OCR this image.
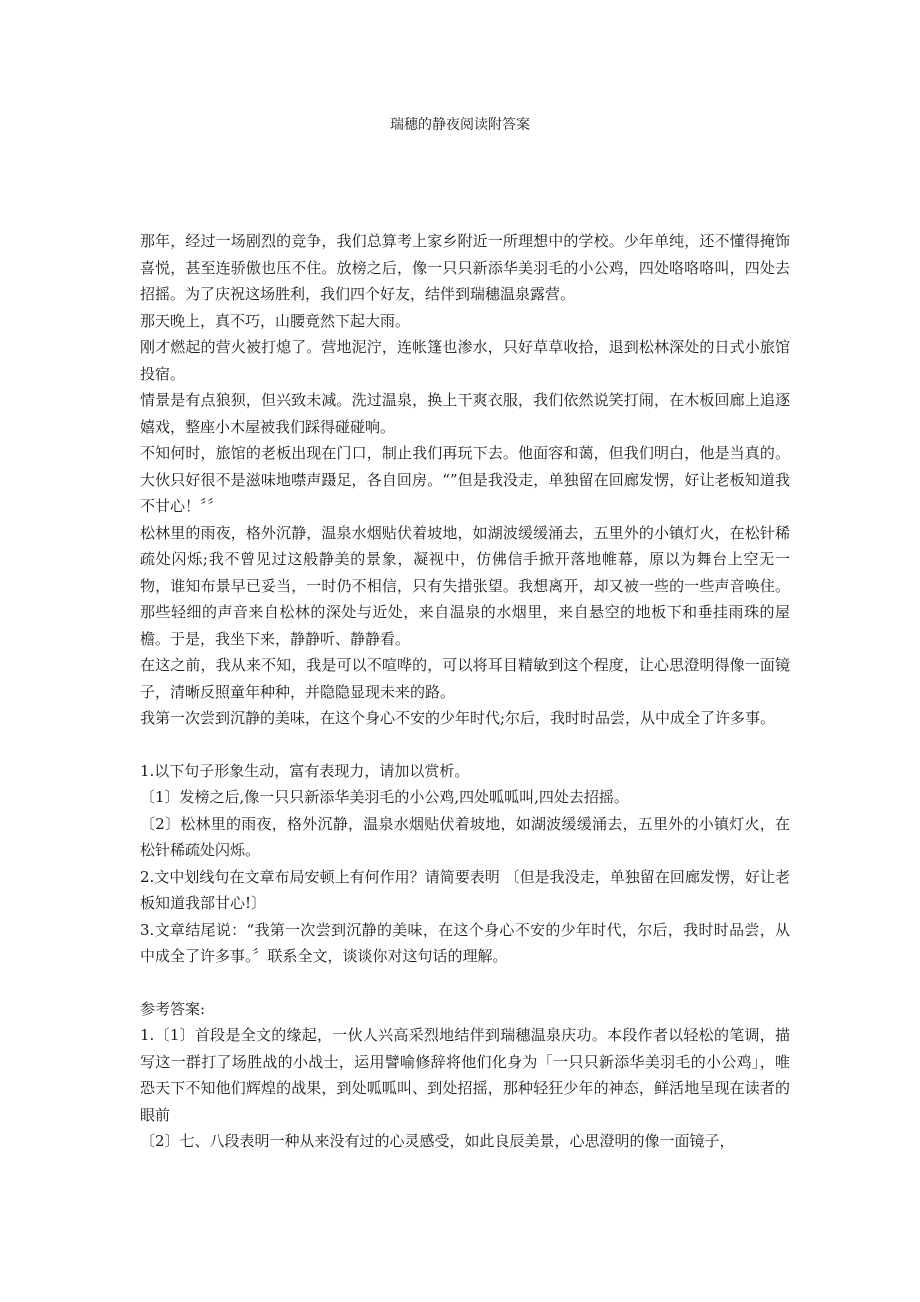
瑞穗的静夜阅读附答案

那年，经过一场剧烈的竞争，我们总算考上家乡附近一所理想中的学校。少年单纯，还不懂得掩饰喜悦，甚至连骄傲也压不住。放榜之后，像一只只新添华美羽毛的小公鸡，四处咯咯咯叫，四处去招摇。为了庆祝这场胜利，我们四个好友，结伴到瑞穗温泉露营。

那天晚上，真不巧，山腰竟然下起大雨。

刚才燃起的营火被打熄了。营地泥泞，连帐篷也渗水，只好草草收拾，退到松林深处的日式小旅馆投宿。

情景是有点狼狈，但兴致未减。洗过温泉，换上干爽衣服，我们依然说笑打闹，在木板回廊上追逐嬉戏，整座小木屋被我们踩得碰碰响。

不知何时，旅馆的老板出现在门口，制止我们再玩下去。他面容和蔼，但我们明白，他是当真的。大伙只好很不是滋味地噤声蹑足，各自回房。“”但是我没走，单独留在回廊发愣，好让老板知道我不甘心！〞〞

松林里的雨夜，格外沉静，温泉水烟贴伏着坡地，如湖波缓缓涌去，五里外的小镇灯火，在松针稀疏处闪烁;我不曾见过这般静美的景象，凝视中，仿佛信手掀开落地帷幕，原以为舞台上空无一物，谁知布景早已妥当，一时仍不相信，只有失措张望。我想离开，却又被一些的一些声音唤住。那些轻细的声音来自松林的深处与近处，来自温泉的水烟里，来自悬空的地板下和垂挂雨珠的屋檐。于是，我坐下来，静静听、静静看。

在这之前，我从来不知，我是可以不喧哗的，可以将耳目精敏到这个程度，让心思澄明得像一面镜子，清晰反照童年种种，并隐隐显现未来的路。

我第一次尝到沉静的美味，在这个身心不安的少年时代;尔后，我时时品尝，从中成全了许多事。

1.以下句子形象生动，富有表现力，请加以赏析。

〔1〕发榜之后,像一只只新添华美羽毛的小公鸡,四处呱呱叫,四处去招摇。

〔2〕松林里的雨夜，格外沉静，温泉水烟贴伏着坡地，如湖波缓缓涌去，五里外的小镇灯火，在松针稀疏处闪烁。

2.文中划线句在文章布局安顿上有何作用？请简要表明 〔但是我没走，单独留在回廊发愣，好让老板知道我部甘心!〕

3.文章结尾说：“我第一次尝到沉静的美味，在这个身心不安的少年时代，尔后，我时时品尝，从中成全了许多事。〞联系全文，谈谈你对这句话的理解。

参考答案:

1.〔1〕首段是全文的缘起，一伙人兴高采烈地结伴到瑞穗温泉庆功。本段作者以轻松的笔调，描写这一群打了场胜战的小战士，运用譬喻修辞将他们化身为「一只只新添华美羽毛的小公鸡」，唯恐天下不知他们辉煌的战果，到处呱呱叫、到处招摇，那种轻狂少年的神态，鲜活地呈现在读者的眼前

〔2〕七、八段表明一种从来没有过的心灵感受，如此良辰美景，心思澄明的像一面镜子，
